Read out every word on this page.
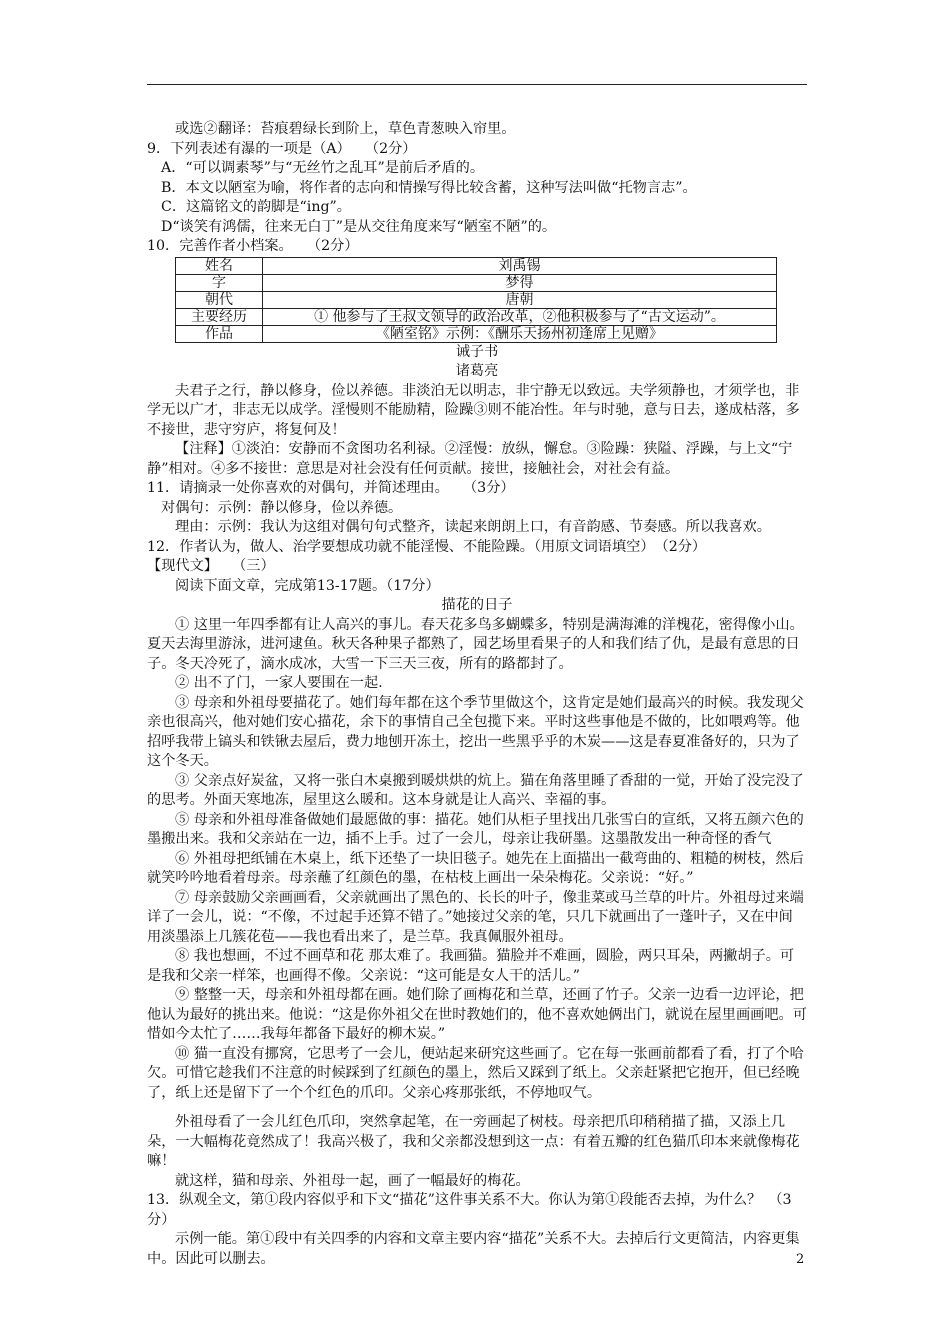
或选②翻译：苔痕碧绿长到阶上，草色青葱映入帘里。

9．下列表述有瀑的一项是（A）　　（2分）

A．“可以调素琴”与“无丝竹之乱耳”是前后矛盾的。

B．本文以陋室为喻，将作者的志向和情操写得比较含蓄，这种写法叫做“托物言志”。

C．这篇铭文的韵脚是“ing”。

D“谈笑有鸿儒，往来无白丁”是从交往角度来写“陋室不陋”的。

10．完善作者小档案。　　（2分）

姓名	刘禹锡
字	梦得
朝代	唐朝
主要经历	① 他参与了王叔文领导的政治改革，②他积极参与了“古文运动”。
作品	《陋室铭》示例：《酬乐天扬州初逢席上见赠》

诫子书

诸葛亮

夫君子之行，静以修身，俭以养德。非淡泊无以明志，非宁静无以致远。夫学须静也，才须学也，非学无以广才，非志无以成学。淫慢则不能励精，险躁③则不能冶性。年与时驰，意与日去，遂成枯落，多不接世，悲守穷庐，将复何及！

【注释】①淡泊：安静而不贪图功名利禄。②淫慢：放纵，懈怠。③险躁：狭隘、浮躁，与上文“宁静”相对。④多不接世：意思是对社会没有任何贡献。接世，接触社会，对社会有益。

11．请摘录一处你喜欢的对偶句，并简述理由。　　（3分）

对偶句：示例：静以修身，俭以养德。

理由：示例：我认为这组对偶句句式整齐，读起来朗朗上口，有音韵感、节奏感。所以我喜欢。

12．作者认为，做人、治学要想成功就不能淫慢、不能险躁。（用原文词语填空）　（2分）

【现代文】　　（三）

阅读下面文章，完成第13-17题。（17分）

描花的日子

① 这里一年四季都有让人高兴的事儿。春天花多鸟多蝴蝶多，特别是满海滩的洋槐花，密得像小山。夏天去海里游泳，进河逮鱼。秋天各种果子都熟了，园艺场里看果子的人和我们结了仇，是最有意思的日子。冬天冷死了，滴水成冰，大雪一下三天三夜，所有的路都封了。

② 出不了门，一家人要围在一起.

③ 母亲和外祖母要描花了。她们每年都在这个季节里做这个，这肯定是她们最高兴的时候。我发现父亲也很高兴，他对她们安心描花，余下的事情自己全包揽下来。平时这些事他是不做的，比如喂鸡等。他招呼我带上镐头和铁锹去屋后，费力地刨开冻土，挖出一些黑乎乎的木炭——这是春夏准备好的，只为了这个冬天。

③ 父亲点好炭盆，又将一张白木桌搬到暖烘烘的炕上。猫在角落里睡了香甜的一觉，开始了没完没了的思考。外面天寒地冻，屋里这么暖和。这本身就是让人高兴、幸福的事。

⑤ 母亲和外祖母准备做她们最愿做的事：描花。她们从柜子里找出几张雪白的宣纸，又将五颜六色的墨搬出来。我和父亲站在一边，插不上手。过了一会儿，母亲让我研墨。这墨散发出一种奇怪的香气

⑥ 外祖母把纸铺在木桌上，纸下还垫了一块旧毯子。她先在上面描出一截弯曲的、粗糙的树枝，然后就笑吟吟地看着母亲。母亲蘸了红颜色的墨，在枯枝上画出一朵朵梅花。父亲说：“好。”

⑦ 母亲鼓励父亲画画看，父亲就画出了黑色的、长长的叶子，像韭菜或马兰草的叶片。外祖母过来端详了一会儿，说：“不像，不过起手还算不错了。”她接过父亲的笔，只几下就画出了一蓬叶子，又在中间用淡墨添上几簇花苞——我也看出来了，是兰草。我真佩服外祖母。

⑧ 我也想画，不过不画草和花 那太难了。我画猫。猫脸并不难画，圆脸，两只耳朵，两撇胡子。可是我和父亲一样笨，也画得不像。父亲说：“这可能是女人干的活儿。”

⑨ 整整一天，母亲和外祖母都在画。她们除了画梅花和兰草，还画了竹子。父亲一边看一边评论，把他认为最好的挑出来。他说：“这是你外祖父在世时教她们的，他不喜欢她俩出门，就说在屋里画画吧。可惜如今太忙了……我每年都备下最好的柳木炭。”

⑩ 猫一直没有挪窝，它思考了一会儿，便站起来研究这些画了。它在每一张画前都看了看，打了个哈欠。可惜它趁我们不注意的时候踩到了红颜色的墨上，然后又踩到了纸上。父亲赶紧把它抱开，但已经晚了，纸上还是留下了一个个红色的爪印。父亲心疼那张纸，不停地叹气。

外祖母看了一会儿红色爪印，突然拿起笔，在一旁画起了树枝。母亲把爪印稍稍描了描，又添上几朵，一大幅梅花竟然成了！我高兴极了，我和父亲都没想到这一点：有着五瓣的红色猫爪印本来就像梅花嘛！

就这样，猫和母亲、外祖母一起，画了一幅最好的梅花。

13．纵观全文，第①段内容似乎和下文“描花”这件事关系不大。你认为第①段能否去掉，为什么？　（3分）

示例一能。第①段中有关四季的内容和文章主要内容“描花”关系不大。去掉后行文更简洁，内容更集中。因此可以删去。	2
